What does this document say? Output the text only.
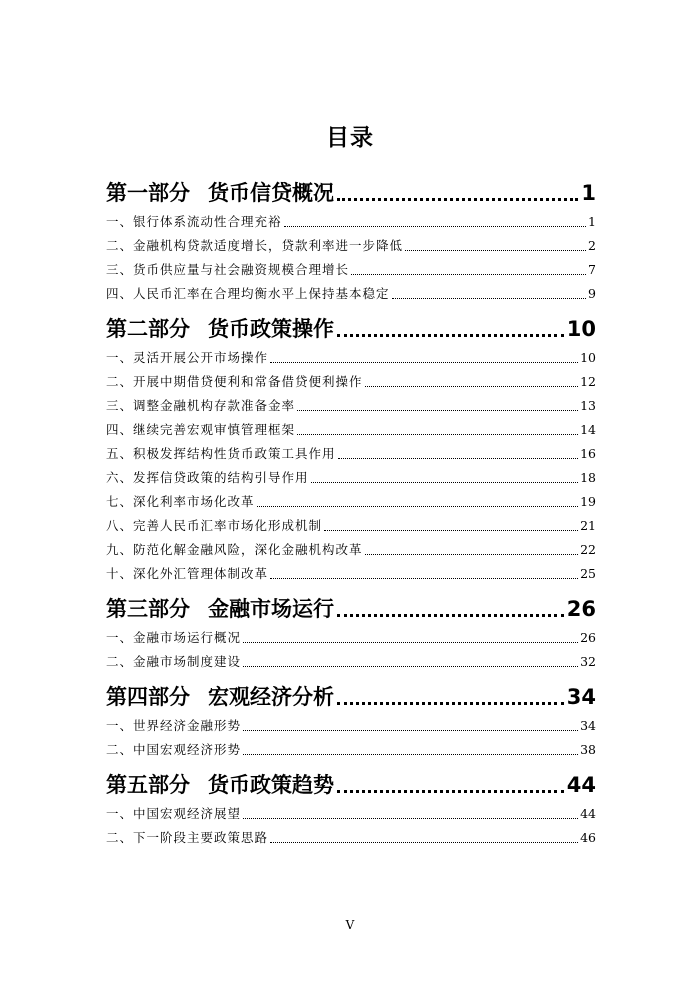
目录
第一部分 货币信贷概况	1
一、银行体系流动性合理充裕	1
二、金融机构贷款适度增长，贷款利率进一步降低	2
三、货币供应量与社会融资规模合理增长	7
四、人民币汇率在合理均衡水平上保持基本稳定	9
第二部分 货币政策操作	10
一、灵活开展公开市场操作	10
二、开展中期借贷便利和常备借贷便利操作	12
三、调整金融机构存款准备金率	13
四、继续完善宏观审慎管理框架	14
五、积极发挥结构性货币政策工具作用	16
六、发挥信贷政策的结构引导作用	18
七、深化利率市场化改革	19
八、完善人民币汇率市场化形成机制	21
九、防范化解金融风险，深化金融机构改革	22
十、深化外汇管理体制改革	25
第三部分 金融市场运行	26
一、金融市场运行概况	26
二、金融市场制度建设	32
第四部分 宏观经济分析	34
一、世界经济金融形势	34
二、中国宏观经济形势	38
第五部分 货币政策趋势	44
一、中国宏观经济展望	44
二、下一阶段主要政策思路	46
V
